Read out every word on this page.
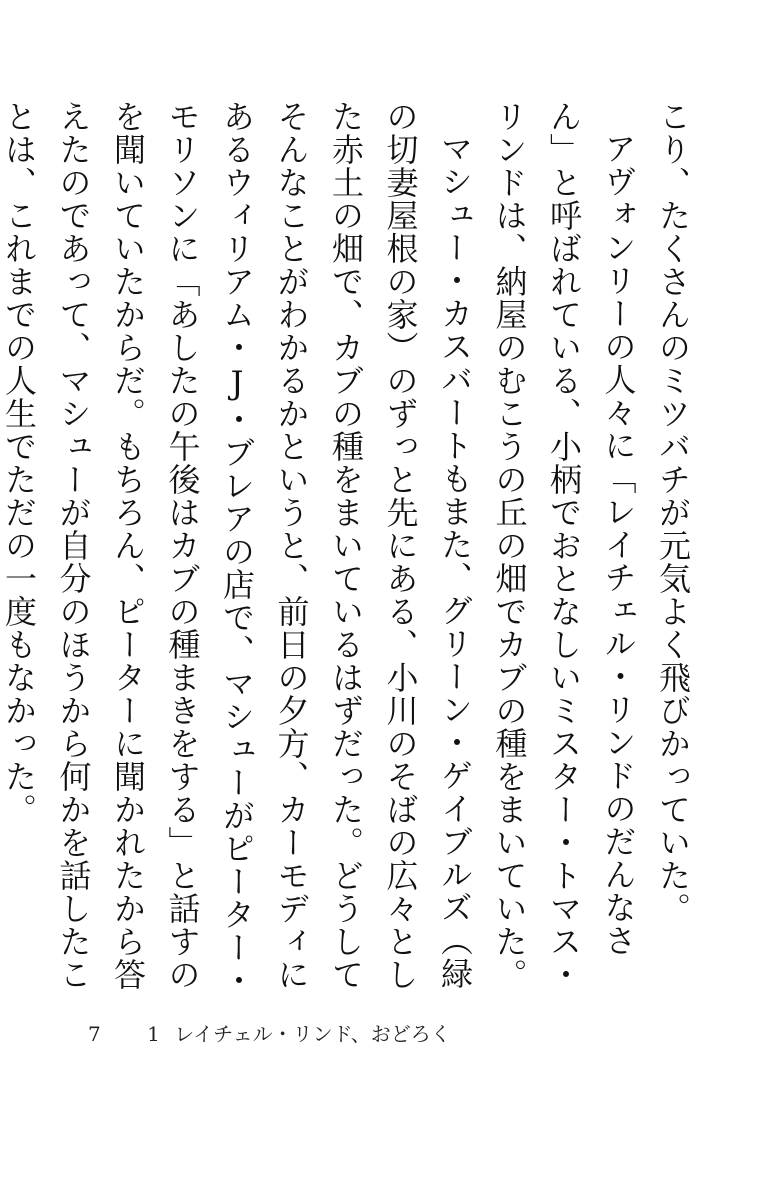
こり、たくさんのミツバチが元気よく飛びかっていた。

アヴォンリーの人々に「レイチェル・リンドのだんなさん」と呼ばれている、小柄でおとなしいミスター・トマス・リンドは、納屋のむこうの丘の畑でカブの種をまいていた。

マシュー・カスバートもまた、グリーン・ゲイブルズ（緑の切妻屋根の家）のずっと先にある、小川のそばの広々とした赤土の畑で、カブの種をまいているはずだった。どうしてそんなことがわかるかというと、前日の夕方、カーモディにあるウィリアム・J・ブレアの店で、マシューがピーター・モリソンに「あしたの午後はカブの種まきをする」と話すのを聞いていたからだ。もちろん、ピーターに聞かれたから答えたのであって、マシューが自分のほうから何かを話したことは、これまでの人生でただの一度もなかった。

7 1 レイチェル・リンド、おどろく
